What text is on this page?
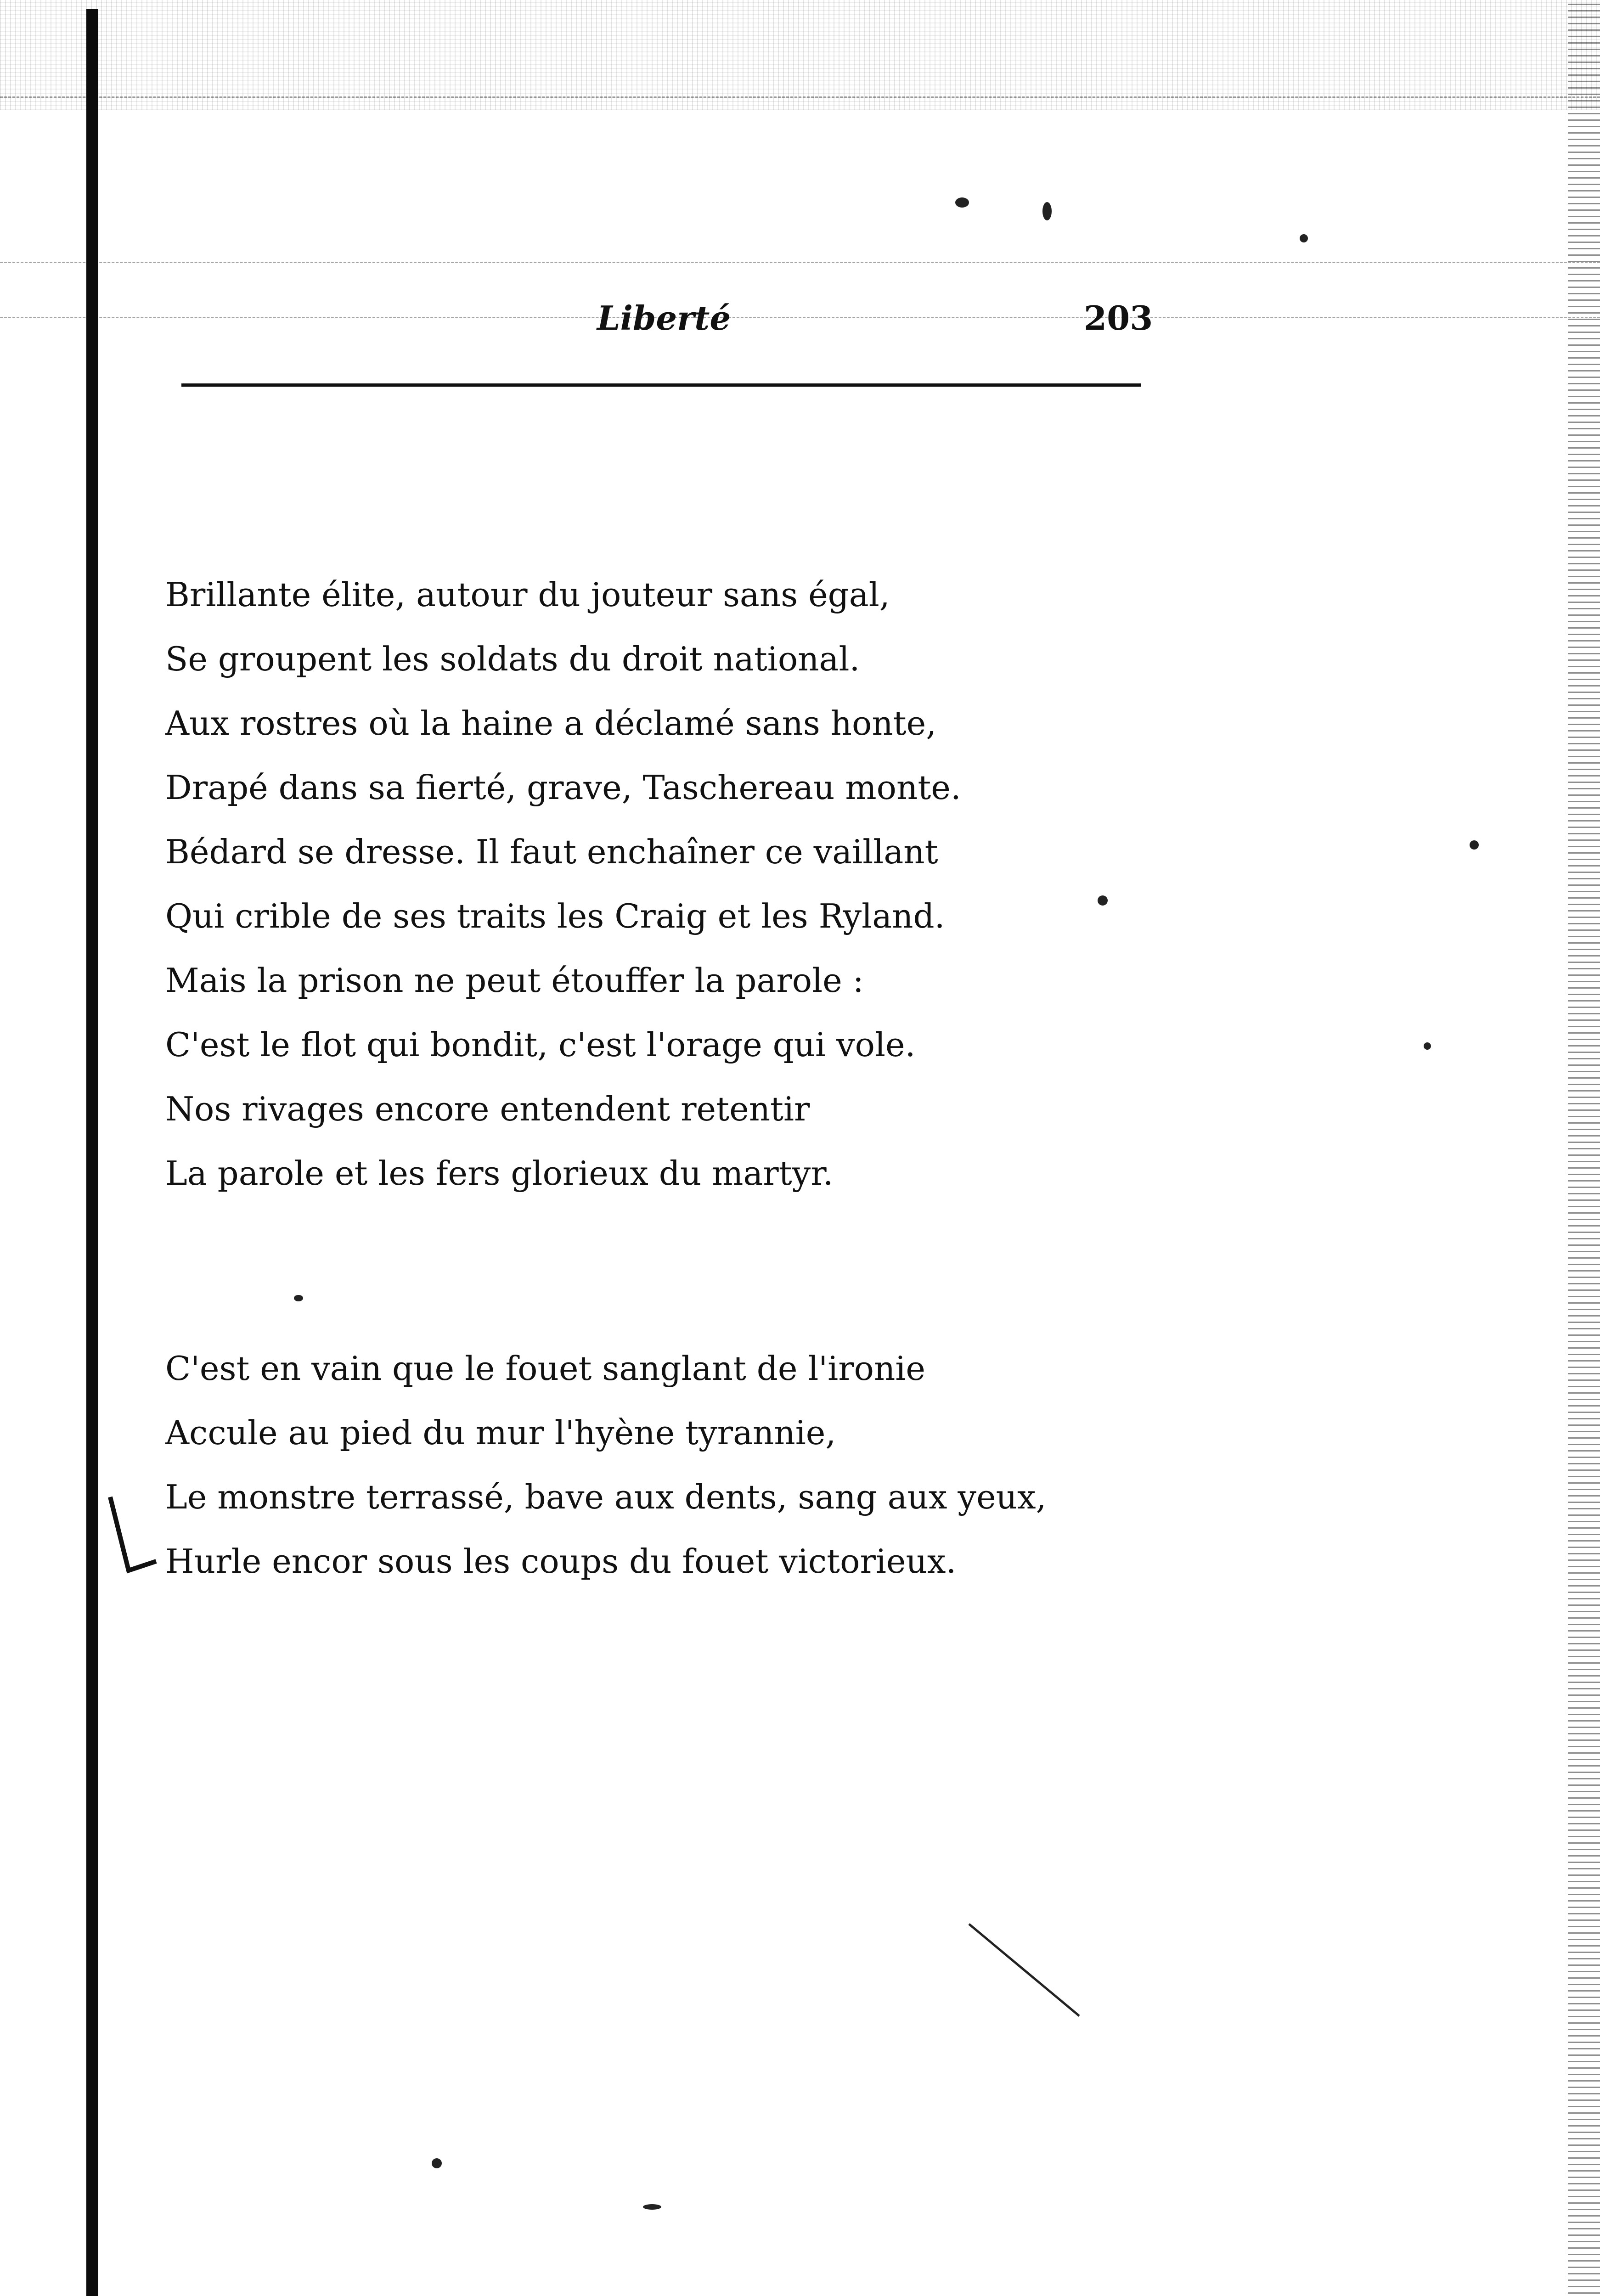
Liberté	203
Brillante élite, autour du jouteur sans égal,
Se groupent les soldats du droit national.
Aux rostres où la haine a déclamé sans honte,
Drapé dans sa fierté, grave, Taschereau monte.
Bédard se dresse. Il faut enchaîner ce vaillant
Qui crible de ses traits les Craig et les Ryland.
Mais la prison ne peut étouffer la parole :
C'est le flot qui bondit, c'est l'orage qui vole.
Nos rivages encore entendent retentir
La parole et les fers glorieux du martyr.
C'est en vain que le fouet sanglant de l'ironie
Accule au pied du mur l'hyène tyrannie,
Le monstre terrassé, bave aux dents, sang aux yeux,
Hurle encor sous les coups du fouet victorieux.
